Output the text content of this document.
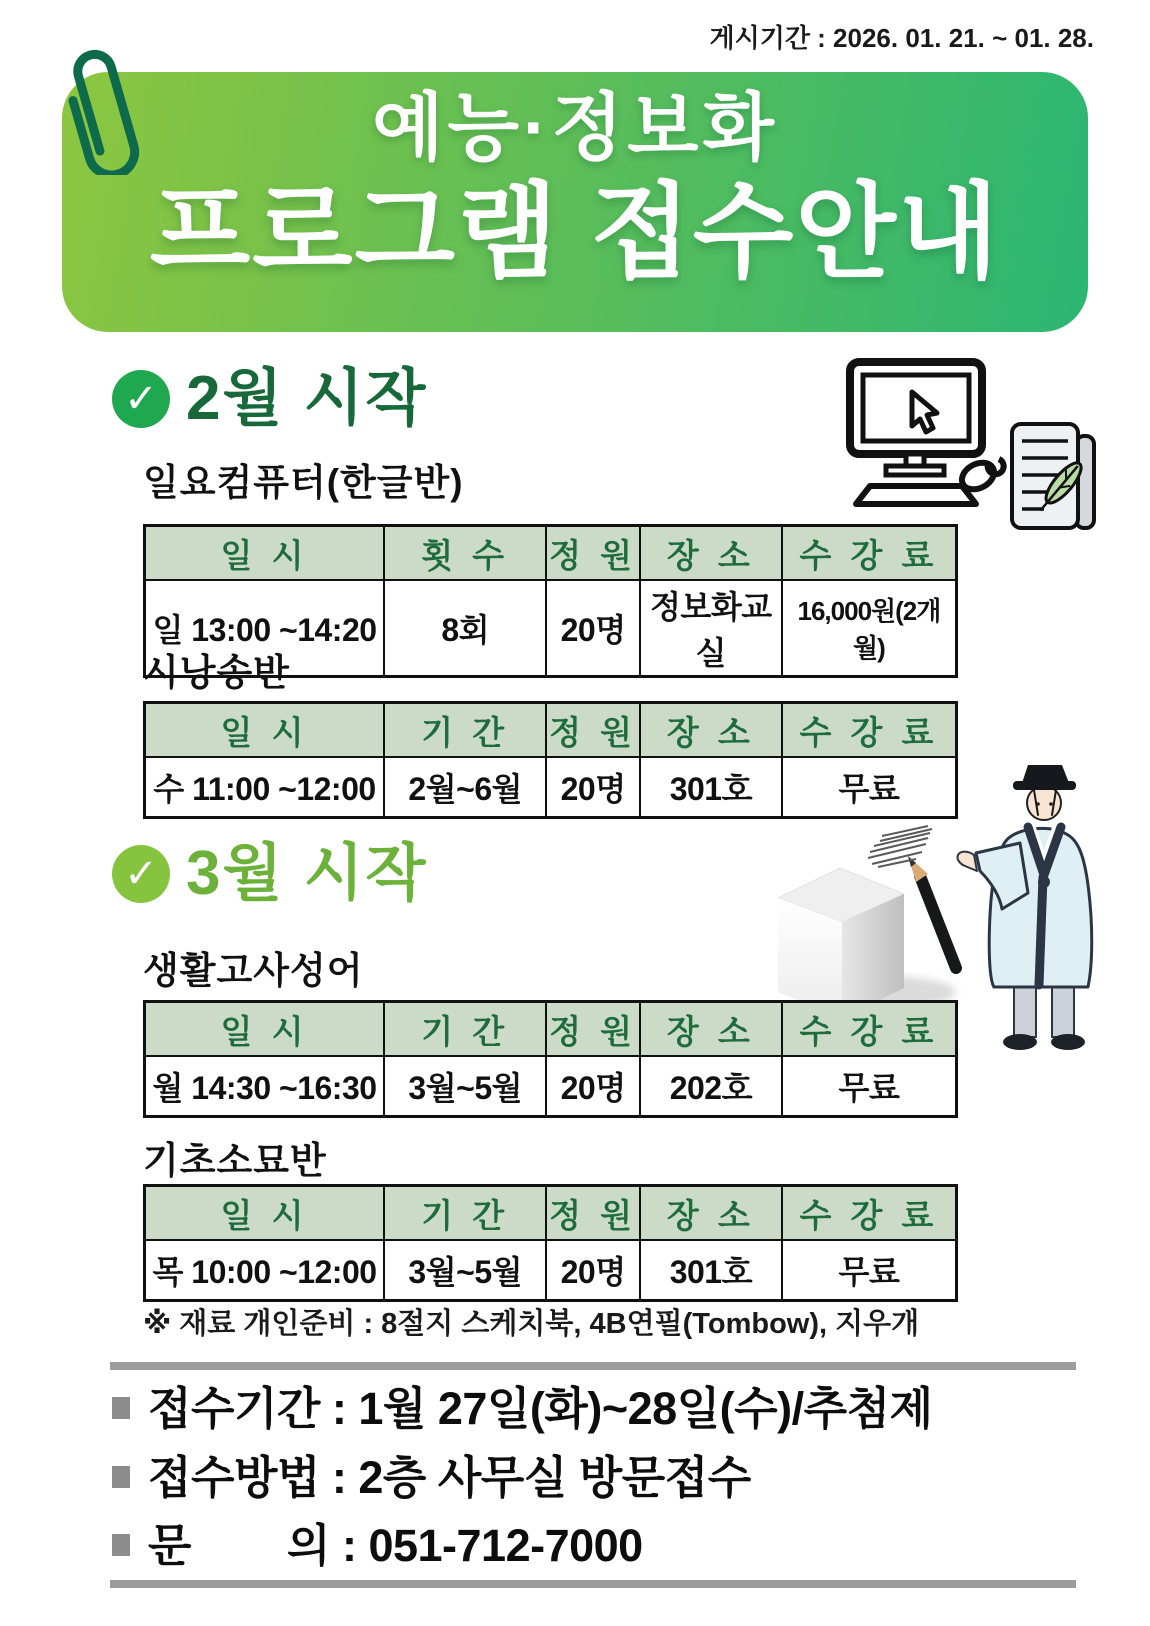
게시기간 : 2026. 01. 21. ~ 01. 28.
예능·정보화
프로그램 접수안내
✓ 2월 시작
일요컴퓨터(한글반)
일 시	횟 수	정 원	장 소	수 강 료
일 13:00 ~14:20	8회	20명	정보화교실	16,000원(2개월)
시낭송반
일 시	기 간	정 원	장 소	수 강 료
수 11:00 ~12:00	2월~6월	20명	301호	무료
✓ 3월 시작
생활고사성어
일 시	기 간	정 원	장 소	수 강 료
월 14:30 ~16:30	3월~5월	20명	202호	무료
기초소묘반
일 시	기 간	정 원	장 소	수 강 료
목 10:00 ~12:00	3월~5월	20명	301호	무료
※ 재료 개인준비 : 8절지 스케치북, 4B연필(Tombow), 지우개
접수기간 : 1월 27일(화)~28일(수)/추첨제
접수방법 : 2층 사무실 방문접수
문        의 : 051-712-7000
